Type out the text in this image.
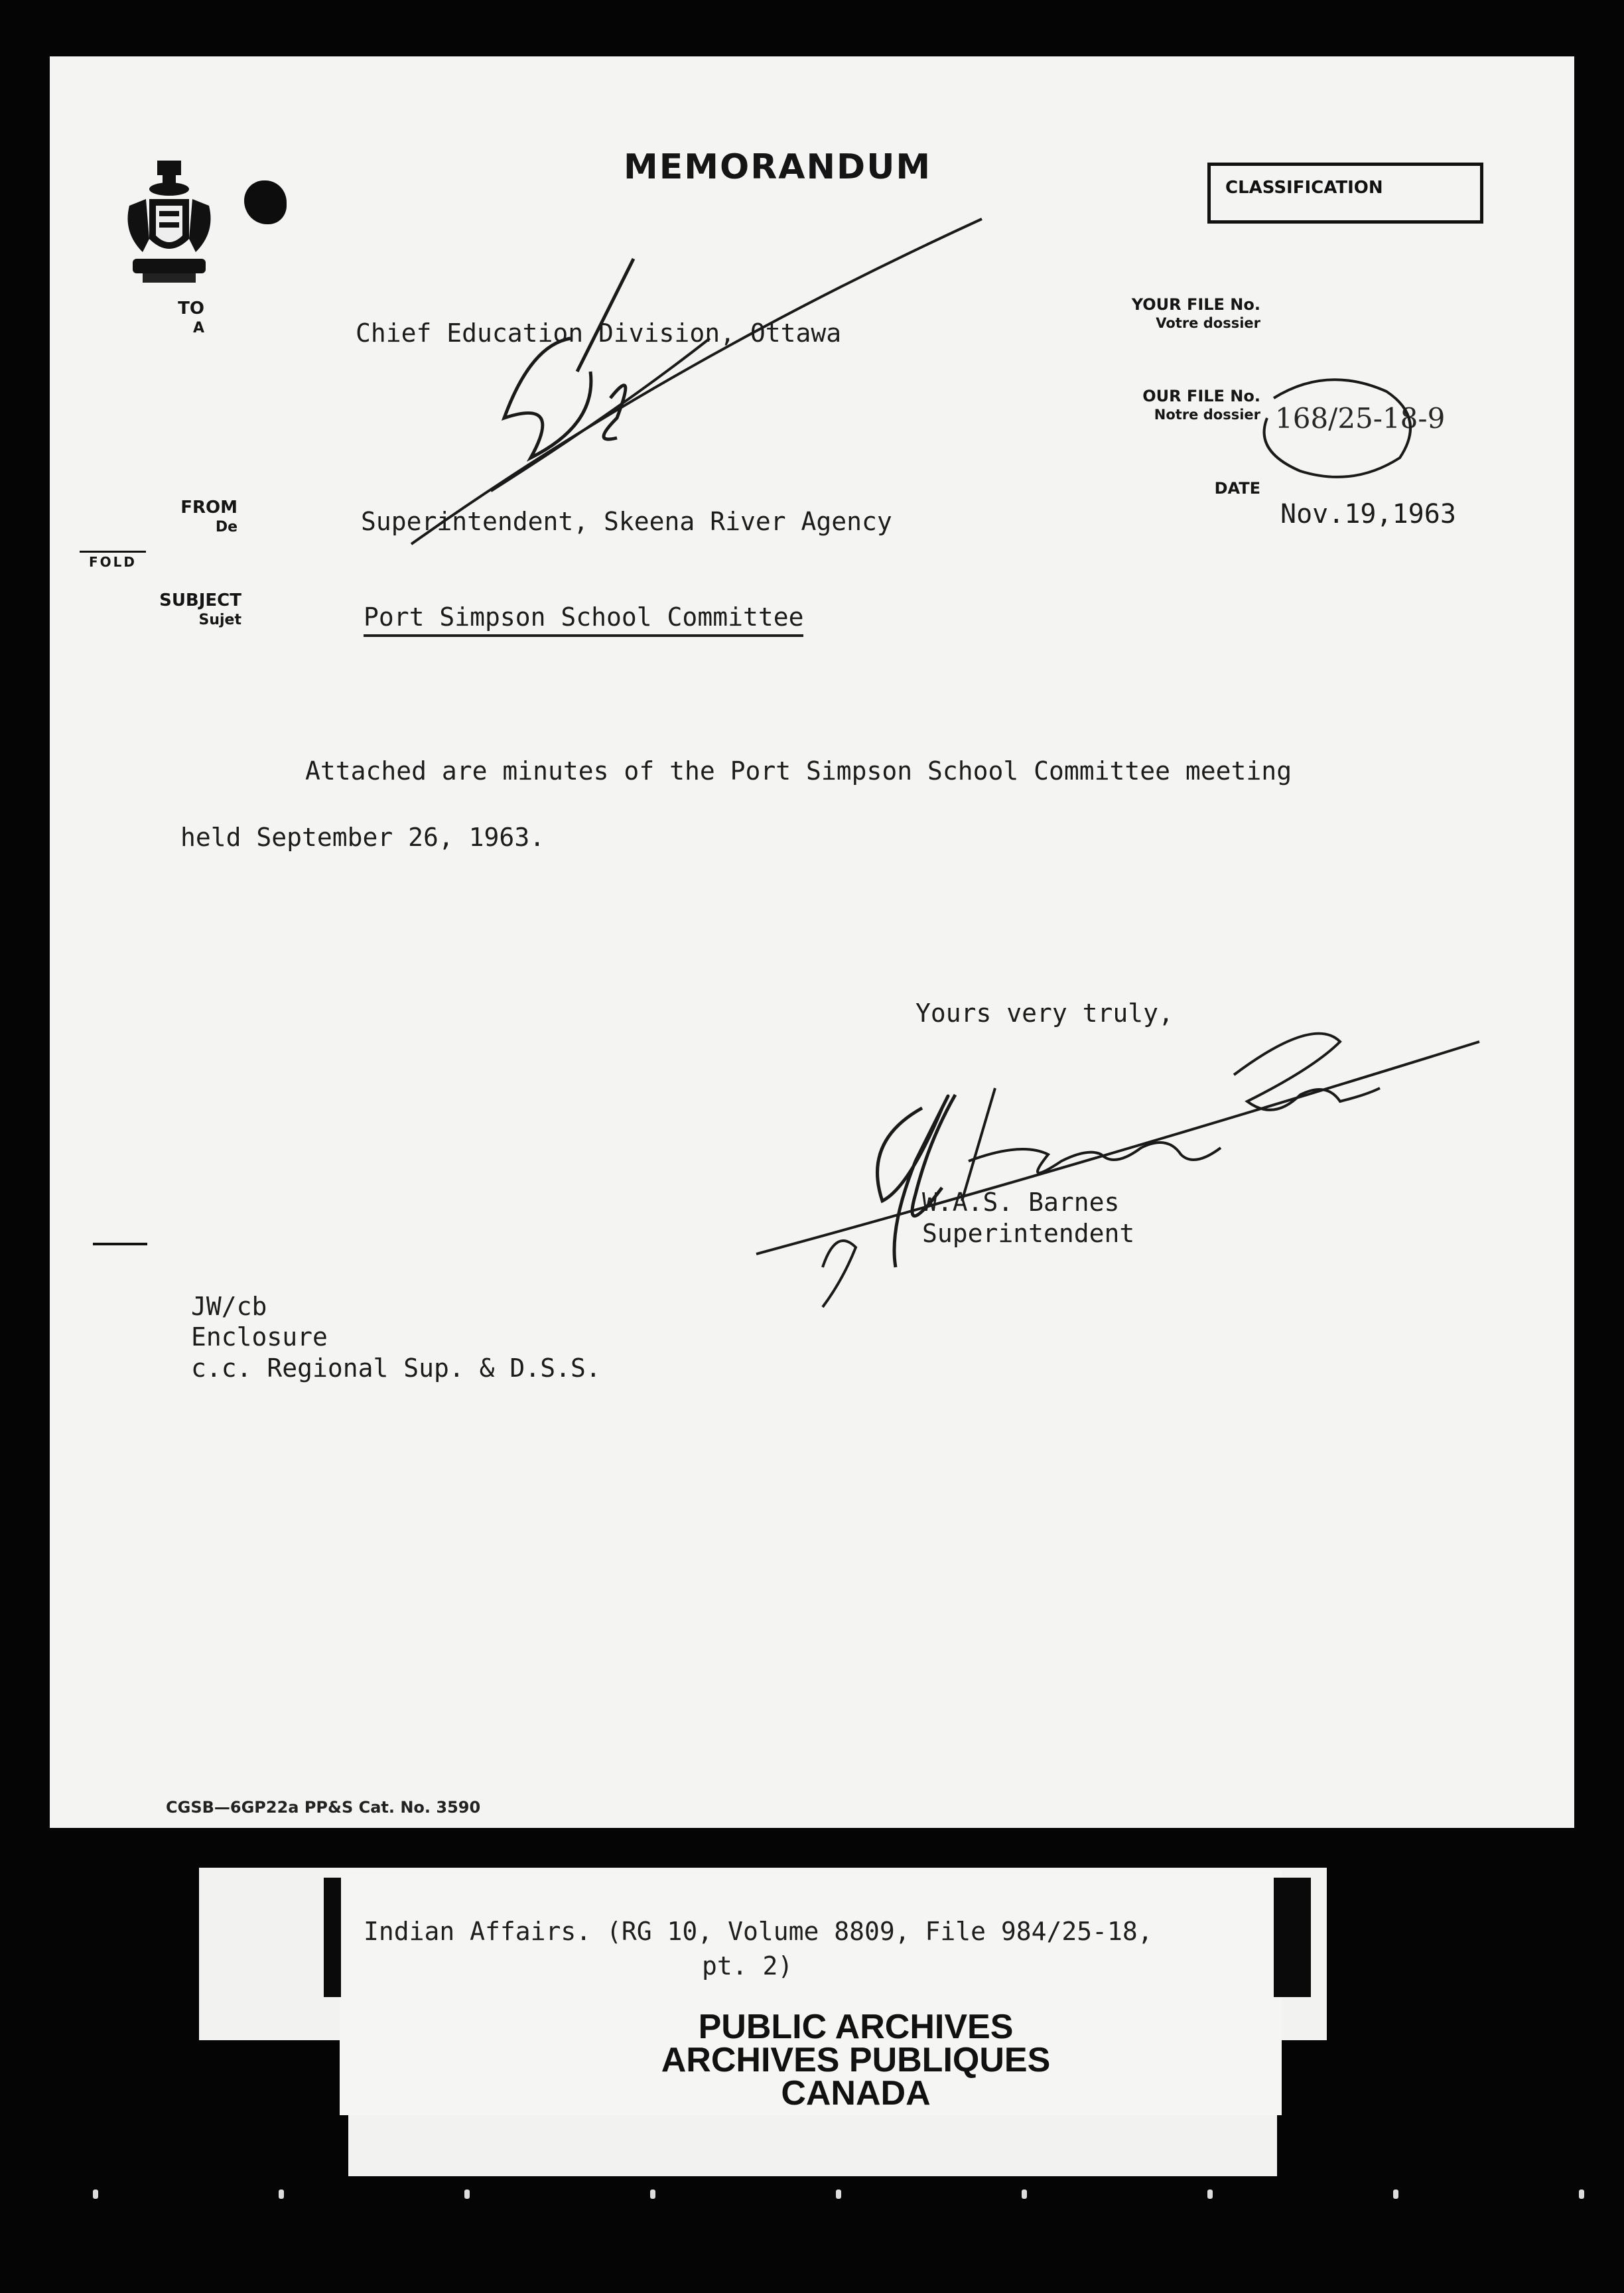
MEMORANDUM
CLASSIFICATION
TO
A	Chief Education Division, Ottawa
YOUR FILE No.
Votre dossier
OUR FILE No.
Notre dossier 168/25-18-9
DATE
Nov.19,1963
FROM
De	Superintendent, Skeena River Agency
FOLD
SUBJECT
Sujet	Port Simpson School Committee
Attached are minutes of the Port Simpson School Committee meeting
held September 26, 1963.
Yours very truly,
W.A.S. Barnes
Superintendent
JW/cb
Enclosure
c.c. Regional Sup. & D.S.S.
CGSB—6GP22a PP&S Cat. No. 3590
Indian Affairs. (RG 10, Volume 8809, File 984/25-18,
pt. 2)
PUBLIC ARCHIVES
ARCHIVES PUBLIQUES
CANADA
